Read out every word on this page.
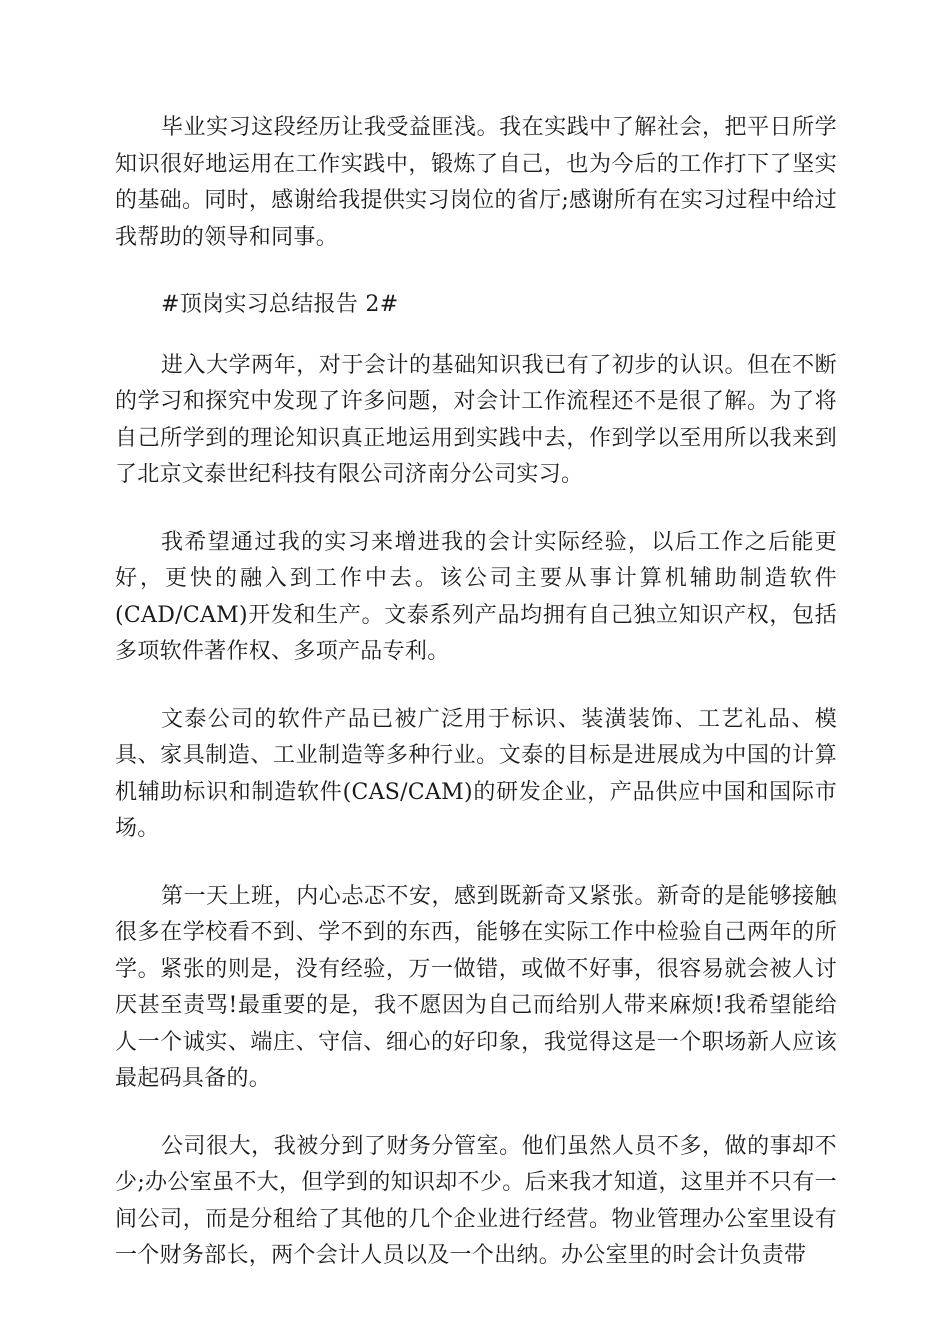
毕业实习这段经历让我受益匪浅。我在实践中了解社会，把平日所学知识很好地运用在工作实践中，锻炼了自己，也为今后的工作打下了坚实的基础。同时，感谢给我提供实习岗位的省厅;感谢所有在实习过程中给过我帮助的领导和同事。

#顶岗实习总结报告 2#

进入大学两年，对于会计的基础知识我已有了初步的认识。但在不断的学习和探究中发现了许多问题，对会计工作流程还不是很了解。为了将自己所学到的理论知识真正地运用到实践中去，作到学以至用所以我来到了北京文泰世纪科技有限公司济南分公司实习。

我希望通过我的实习来增进我的会计实际经验，以后工作之后能更好，更快的融入到工作中去。该公司主要从事计算机辅助制造软件(CAD/CAM)开发和生产。文泰系列产品均拥有自己独立知识产权，包括多项软件著作权、多项产品专利。

文泰公司的软件产品已被广泛用于标识、装潢装饰、工艺礼品、模具、家具制造、工业制造等多种行业。文泰的目标是进展成为中国的计算机辅助标识和制造软件(CAS/CAM)的研发企业，产品供应中国和国际市场。

第一天上班，内心忐忑不安，感到既新奇又紧张。新奇的是能够接触很多在学校看不到、学不到的东西，能够在实际工作中检验自己两年的所学。紧张的则是，没有经验，万一做错，或做不好事，很容易就会被人讨厌甚至责骂!最重要的是，我不愿因为自己而给别人带来麻烦!我希望能给人一个诚实、端庄、守信、细心的好印象，我觉得这是一个职场新人应该最起码具备的。

公司很大，我被分到了财务分管室。他们虽然人员不多，做的事却不少;办公室虽不大，但学到的知识却不少。后来我才知道，这里并不只有一间公司，而是分租给了其他的几个企业进行经营。物业管理办公室里设有一个财务部长，两个会计人员以及一个出纳。办公室里的时会计负责带
